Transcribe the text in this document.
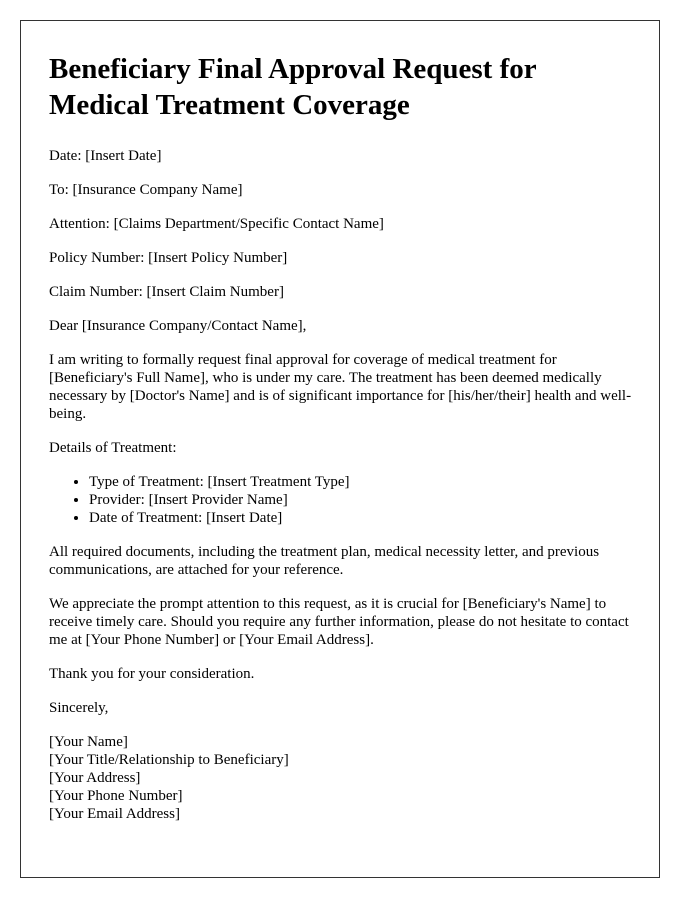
Beneficiary Final Approval Request for Medical Treatment Coverage

Date: [Insert Date]

To: [Insurance Company Name]

Attention: [Claims Department/Specific Contact Name]

Policy Number: [Insert Policy Number]

Claim Number: [Insert Claim Number]

Dear [Insurance Company/Contact Name],

I am writing to formally request final approval for coverage of medical treatment for [Beneficiary's Full Name], who is under my care. The treatment has been deemed medically necessary by [Doctor's Name] and is of significant importance for [his/her/their] health and well-being.

Details of Treatment:

• Type of Treatment: [Insert Treatment Type]
• Provider: [Insert Provider Name]
• Date of Treatment: [Insert Date]

All required documents, including the treatment plan, medical necessity letter, and previous communications, are attached for your reference.

We appreciate the prompt attention to this request, as it is crucial for [Beneficiary's Name] to receive timely care. Should you require any further information, please do not hesitate to contact me at [Your Phone Number] or [Your Email Address].

Thank you for your consideration.

Sincerely,

[Your Name]
[Your Title/Relationship to Beneficiary]
[Your Address]
[Your Phone Number]
[Your Email Address]
